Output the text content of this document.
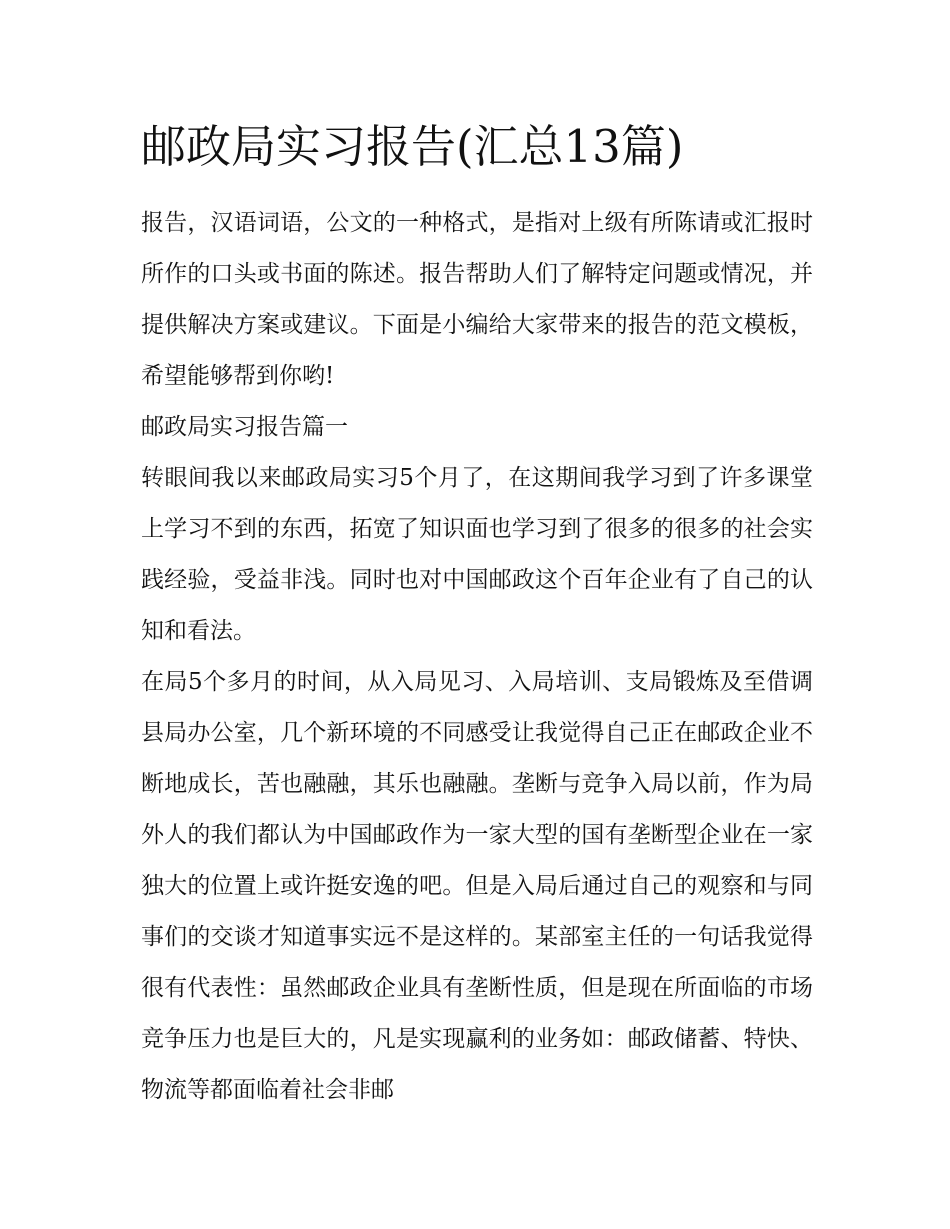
邮政局实习报告(汇总13篇)

报告，汉语词语，公文的一种格式，是指对上级有所陈请或汇报时所作的口头或书面的陈述。报告帮助人们了解特定问题或情况，并提供解决方案或建议。下面是小编给大家带来的报告的范文模板，希望能够帮到你哟!

邮政局实习报告篇一

转眼间我以来邮政局实习5个月了，在这期间我学习到了许多课堂上学习不到的东西，拓宽了知识面也学习到了很多的很多的社会实践经验，受益非浅。同时也对中国邮政这个百年企业有了自己的认知和看法。

在局5个多月的时间，从入局见习、入局培训、支局锻炼及至借调县局办公室，几个新环境的不同感受让我觉得自己正在邮政企业不断地成长，苦也融融，其乐也融融。垄断与竞争入局以前，作为局外人的我们都认为中国邮政作为一家大型的国有垄断型企业在一家独大的位置上或许挺安逸的吧。但是入局后通过自己的观察和与同事们的交谈才知道事实远不是这样的。某部室主任的一句话我觉得很有代表性：虽然邮政企业具有垄断性质，但是现在所面临的市场竞争压力也是巨大的，凡是实现赢利的业务如：邮政储蓄、特快、物流等都面临着社会非邮
